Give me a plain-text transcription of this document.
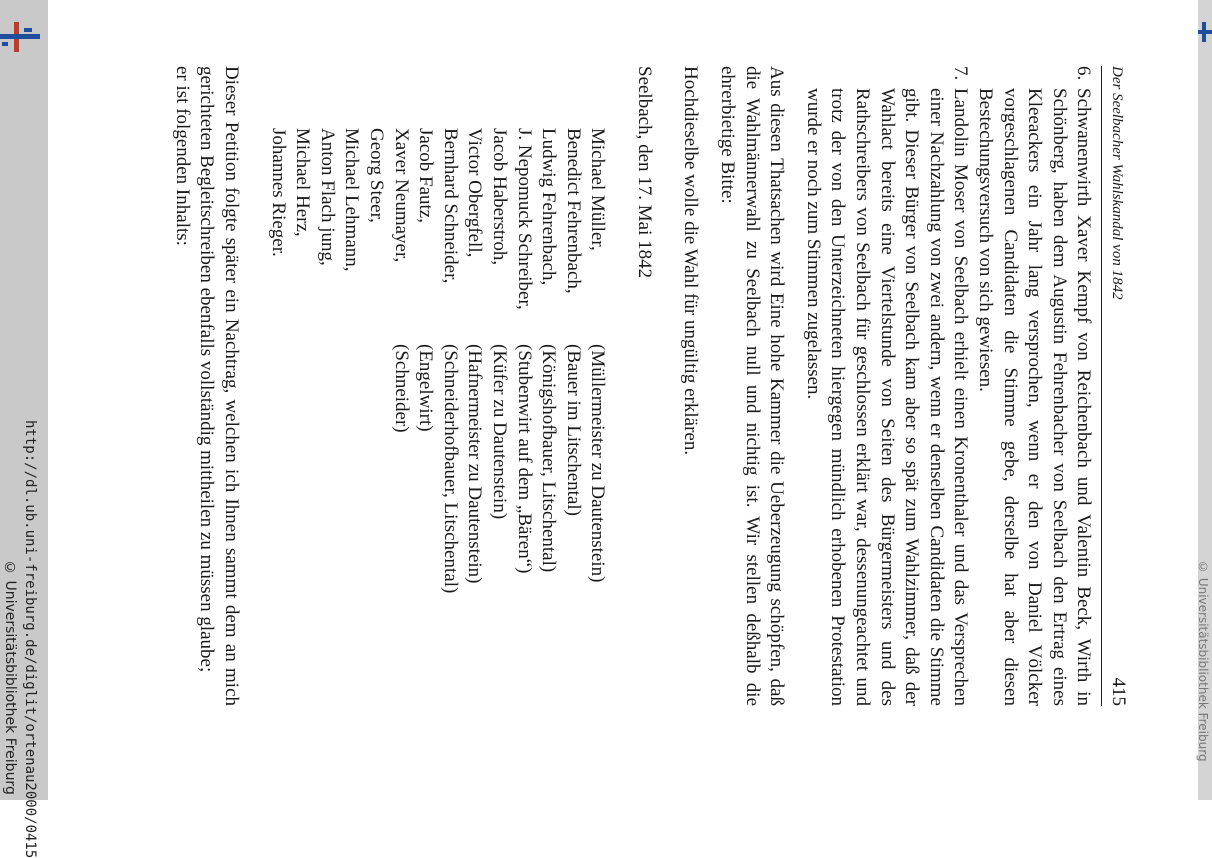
http://dl.ub.uni-freiburg.de/diglit/ortenau2000/0415
© Universitätsbibliothek Freiburg	© Universitätsbibliothek Freiburg
Der Seelbacher Wahlskandal von 1842
415
6.
Schwanenwirth Xaver Kempf von Reichenbach und Valentin Beck, Wirth in Schönberg, haben dem Augustin Fehrenbacher von Seelbach den Ertrag eines Kleeackers ein Jahr lang versprochen, wenn er den von Daniel Völcker vorgeschlagenen Candidaten die Stimme gebe, derselbe hat aber diesen Bestechungsversuch von sich gewiesen.
7.
Landolin Moser von Seelbach erhielt einen Kronenthaler und das Versprechen einer Nachzahlung von zwei andern, wenn er denselben Candidaten die Stimme gibt. Dieser Bürger von Seelbach kam aber so spät zum Wahlzimmer, daß der Wahlact bereits eine Viertelstunde von Seiten des Bürgermeisters und des Rathschreibers von Seelbach für geschlossen erklärt war, dessenungeachtet und trotz der von den Unterzeichneten hiergegen mündlich erhobenen Protestation wurde er noch zum Stimmen zugelassen.

Aus diesen Thatsachen wird Eine hohe Kammer die Ueberzeugung schöpfen, daß die Wahlmännerwahl zu Seelbach null und nichtig ist. Wir stellen deßhalb die ehrerbietige Bitte:

Hochdieselbe wolle die Wahl für ungültig erklären.

Seelbach, den 17. Mai 1842

Michael Müller,
(Müllermeister zu Dautenstein)
Benedict Fehrenbach,
(Bauer im Litschental)
Ludwig Fehrenbach,
(Königshofbauer, Litschental)
J. Nepomuck Schreiber,
(Stubenwirt auf dem „Bären“)
Jacob Haberstroh,
(Küfer zu Dautenstein)
Victor Obergfell,
(Hafnermeister zu Dautenstein)
Bernhard Schneider,
(Schneiderhofbauer, Litschental)
Jacob Fautz,
(Engelwirt)
Xaver Neumayer,
(Schneider)
Georg Steer,
Michael Lehmann,
Anton Flach jung,
Michael Herz,
Johannes Rieger.

Dieser Petition folgte später ein Nachtrag, welchen ich Ihnen sammt dem an mich gerichteten Begleitschreiben ebenfalls vollständig mittheilen zu müssen glaube;

er ist folgenden Inhalts:
